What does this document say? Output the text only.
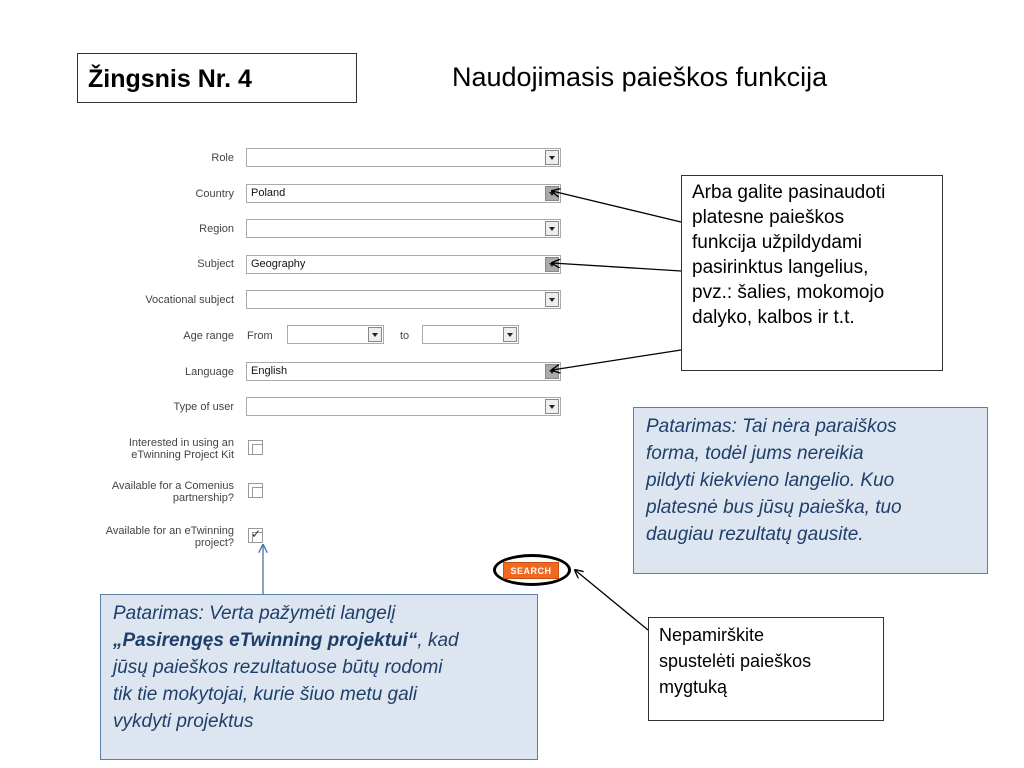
Žingsnis Nr. 4	Naudojimasis paieškos funkcija
Role
Country
Region
Subject
Vocational subject
Age range
Language
Type of user
Interested in using an
eTwinning Project Kit
Available for a Comenius
partnership?
Available for an eTwinning
project?
Poland
Geography
From	to
English
✓
SEARCH
Arba galite pasinaudoti
platesne paieškos
funkcija užpildydami
pasirinktus langelius,
pvz.: šalies, mokomojo
dalyko, kalbos ir t.t.
Patarimas: Tai nėra paraiškos
forma, todėl jums nereikia
pildyti kiekvieno langelio. Kuo
platesnė bus jūsų paieška, tuo
daugiau rezultatų gausite.
Patarimas: Verta pažymėti langelį
„Pasirengęs eTwinning projektui“, kad
jūsų paieškos rezultatuose būtų rodomi
tik tie mokytojai, kurie šiuo metu gali
vykdyti projektus
Nepamirškite
spustelėti paieškos
mygtuką
